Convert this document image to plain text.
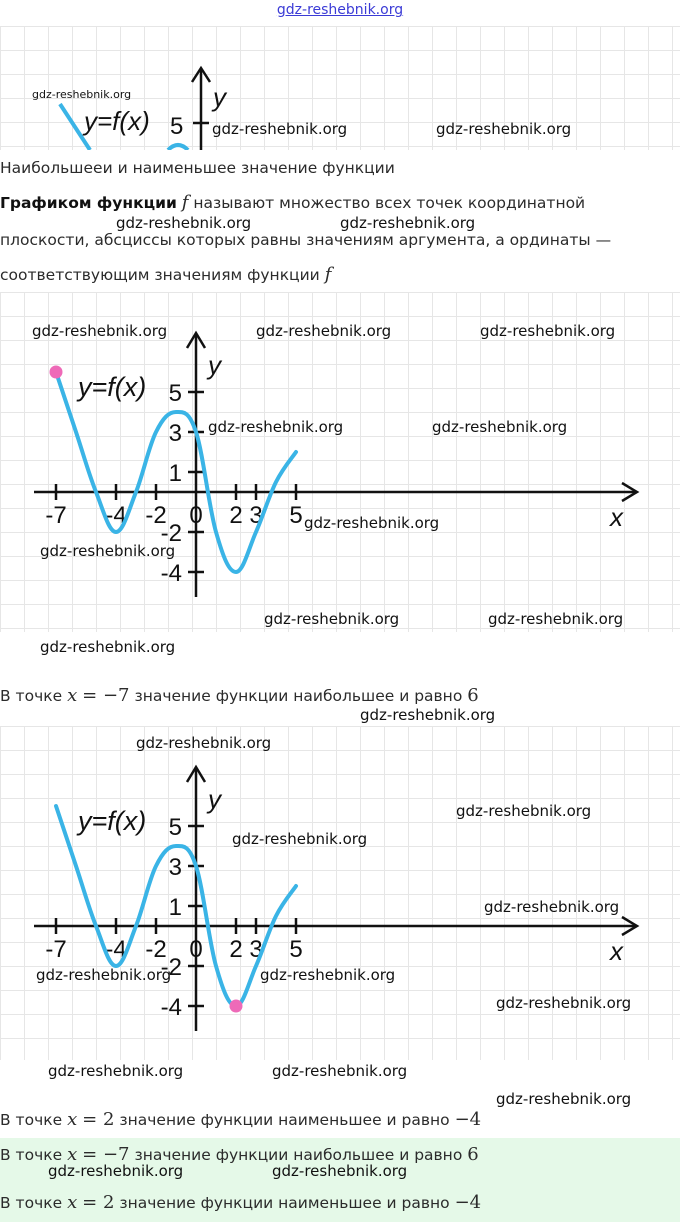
gdz-reshebnik.org
y=f(x)
y
5
gdz-reshebnik.org
gdz-reshebnik.org	gdz-reshebnik.org
Наибольшееи и наименьшее значение функции
Графиком функции f называют множество всех точек координатной
gdz-reshebnik.org	gdz-reshebnik.org
плоскости, абсциссы которых равны значениям аргумента, а ординаты —
соответствующим значениям функции f
-7 -4 -2 0 2 3 5
5
3
1
-2
-4
x
y
y=f(x)
gdz-reshebnik.org	gdz-reshebnik.org	gdz-reshebnik.org
gdz-reshebnik.org	gdz-reshebnik.org
gdz-reshebnik.org
gdz-reshebnik.org
gdz-reshebnik.org	gdz-reshebnik.org
gdz-reshebnik.org
В точке x = −7 значение функции наибольшее и равно 6
gdz-reshebnik.org
-7 -4 -2 0 2 3 5
5
3
1
-2
-4
x
y
y=f(x)
gdz-reshebnik.org
gdz-reshebnik.org
gdz-reshebnik.org
gdz-reshebnik.org
gdz-reshebnik.org	gdz-reshebnik.org
gdz-reshebnik.org
gdz-reshebnik.org	gdz-reshebnik.org
gdz-reshebnik.org
В точке x = 2 значение функции наименьшее и равно −4
В точке x = −7 значение функции наибольшее и равно 6
gdz-reshebnik.org	gdz-reshebnik.org
В точке x = 2 значение функции наименьшее и равно −4
